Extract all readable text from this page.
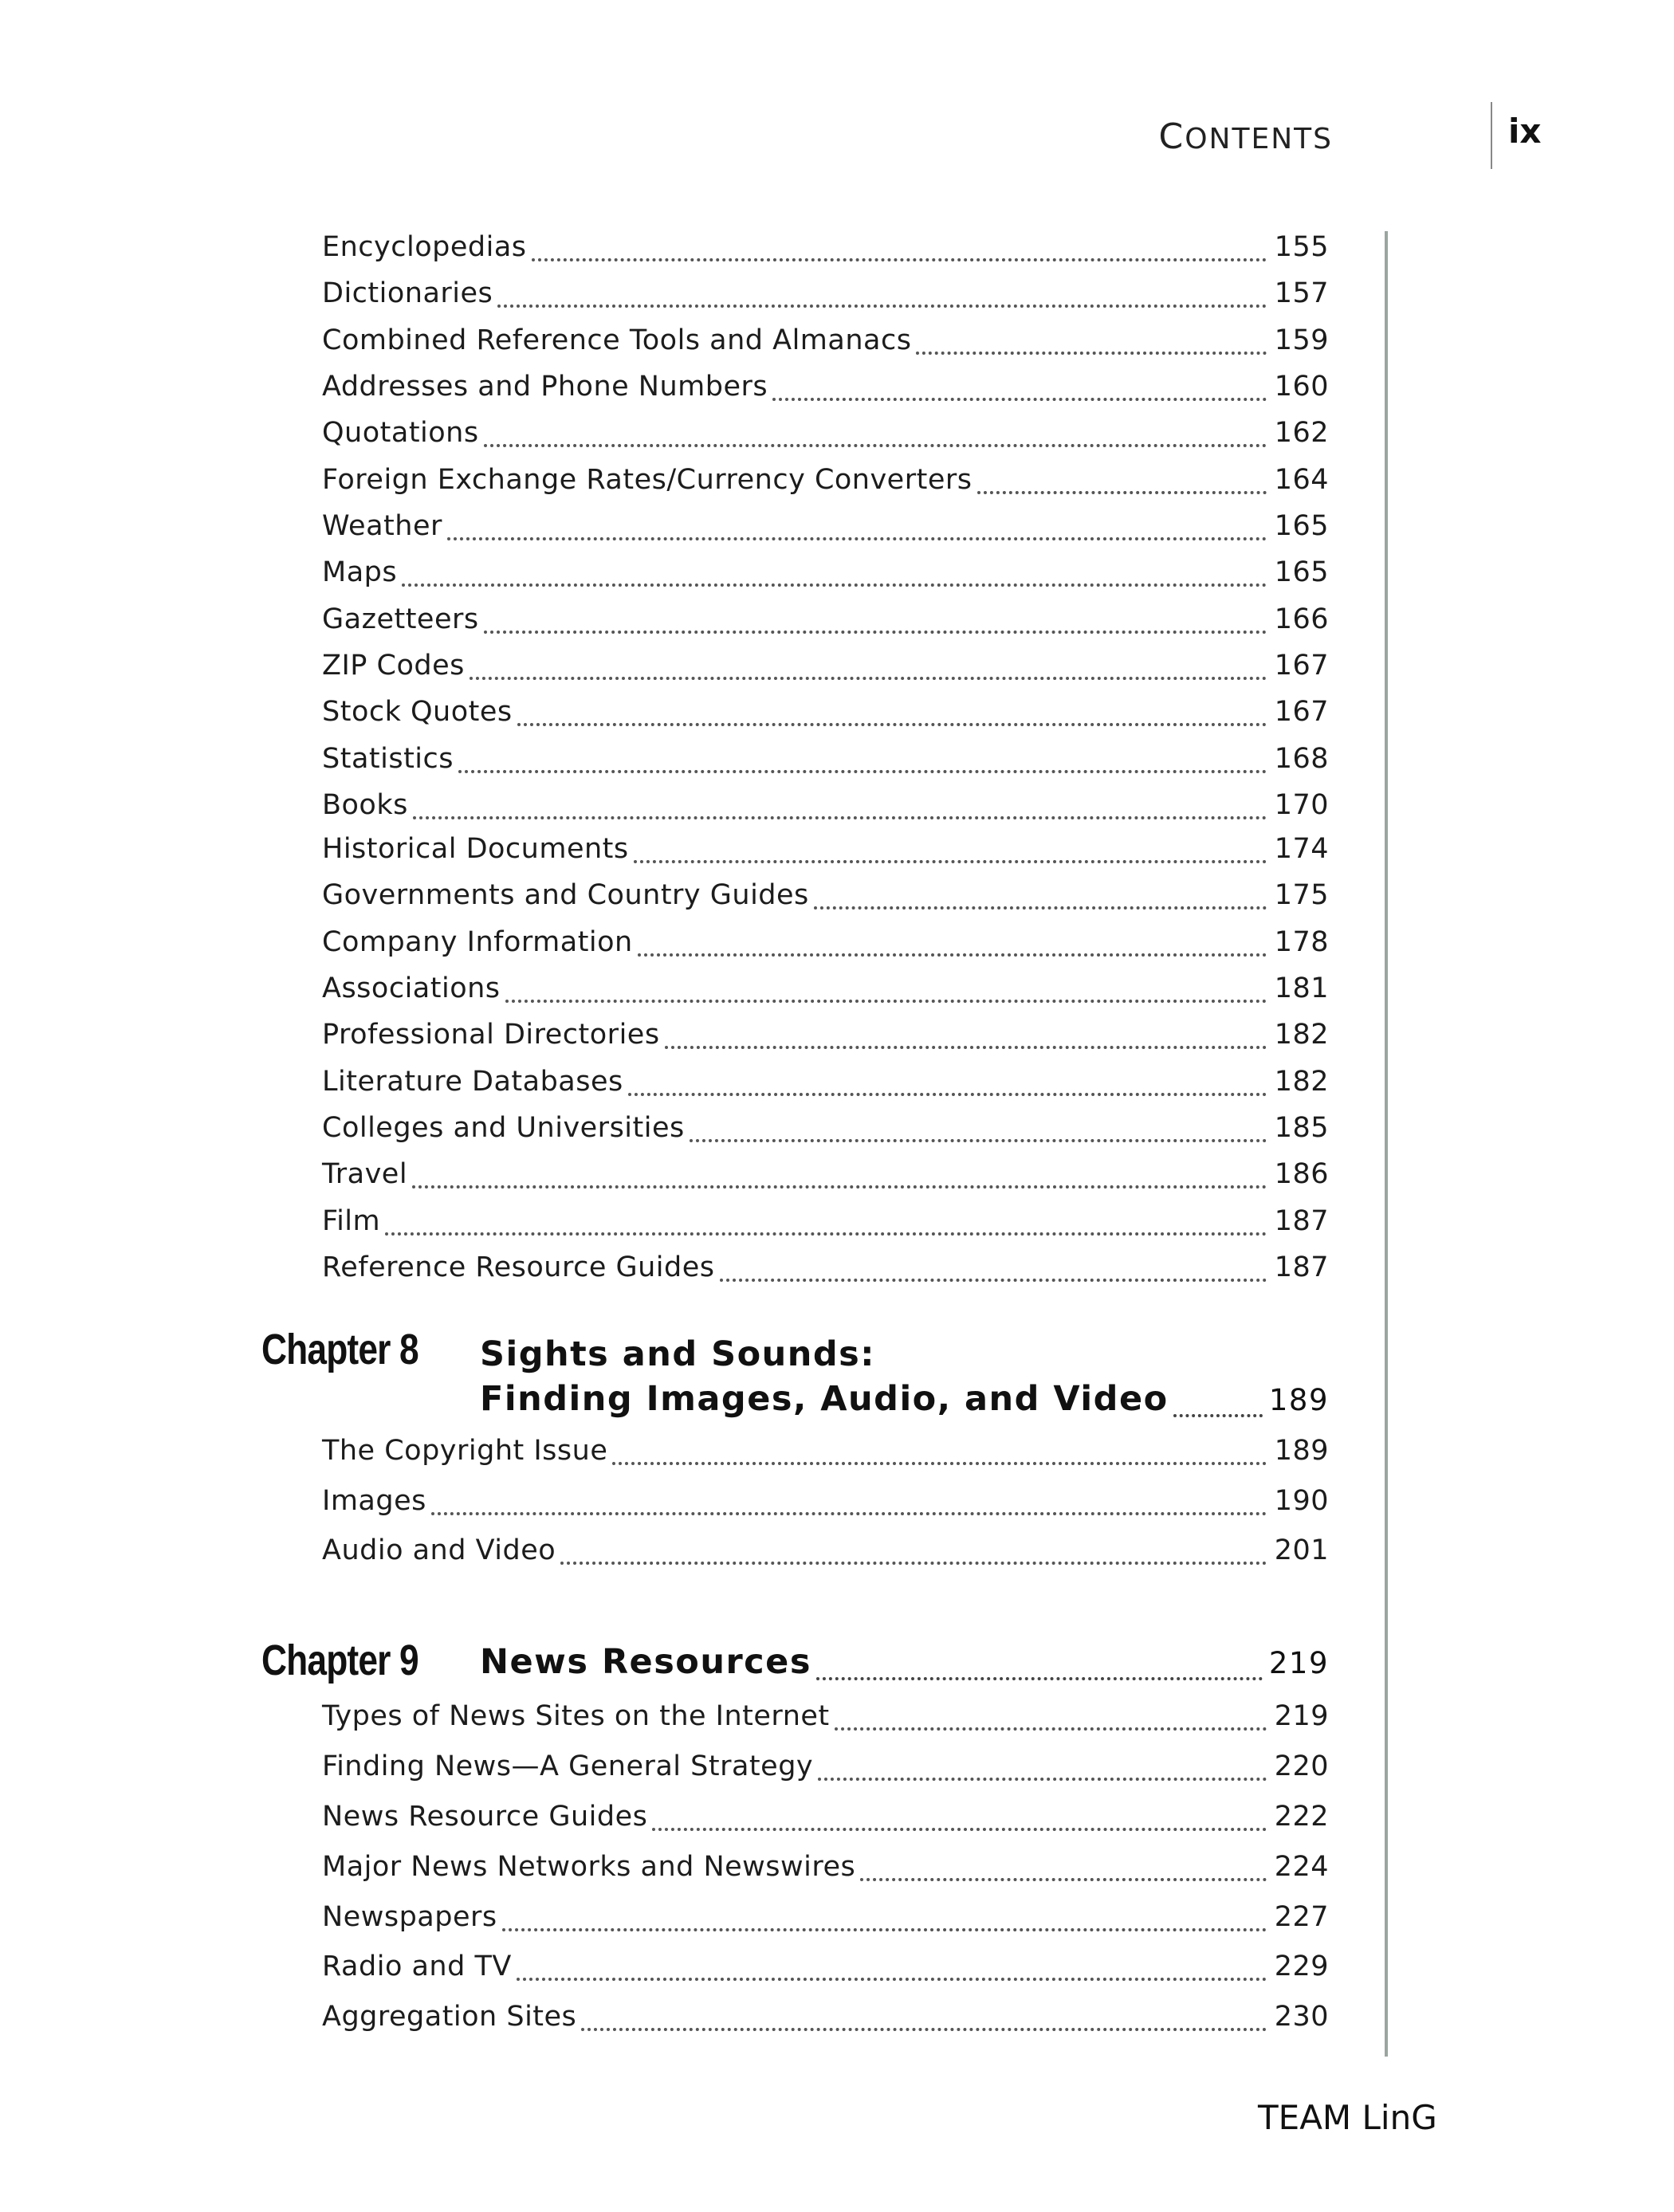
CONTENTS	ix
Encyclopedias	155
Dictionaries	157
Combined Reference Tools and Almanacs	159
Addresses and Phone Numbers	160
Quotations	162
Foreign Exchange Rates/Currency Converters	164
Weather	165
Maps	165
Gazetteers	166
ZIP Codes	167
Stock Quotes	167
Statistics	168
Books	170
Historical Documents	174
Governments and Country Guides	175
Company Information	178
Associations	181
Professional Directories	182
Literature Databases	182
Colleges and Universities	185
Travel	186
Film	187
Reference Resource Guides	187
Chapter 8 Sights and Sounds:
Finding Images, Audio, and Video	189
The Copyright Issue	189
Images	190
Audio and Video	201
Chapter 9 News Resources	219
Types of News Sites on the Internet	219
Finding News—A General Strategy	220
News Resource Guides	222
Major News Networks and Newswires	224
Newspapers	227
Radio and TV	229
Aggregation Sites	230
TEAM LinG
